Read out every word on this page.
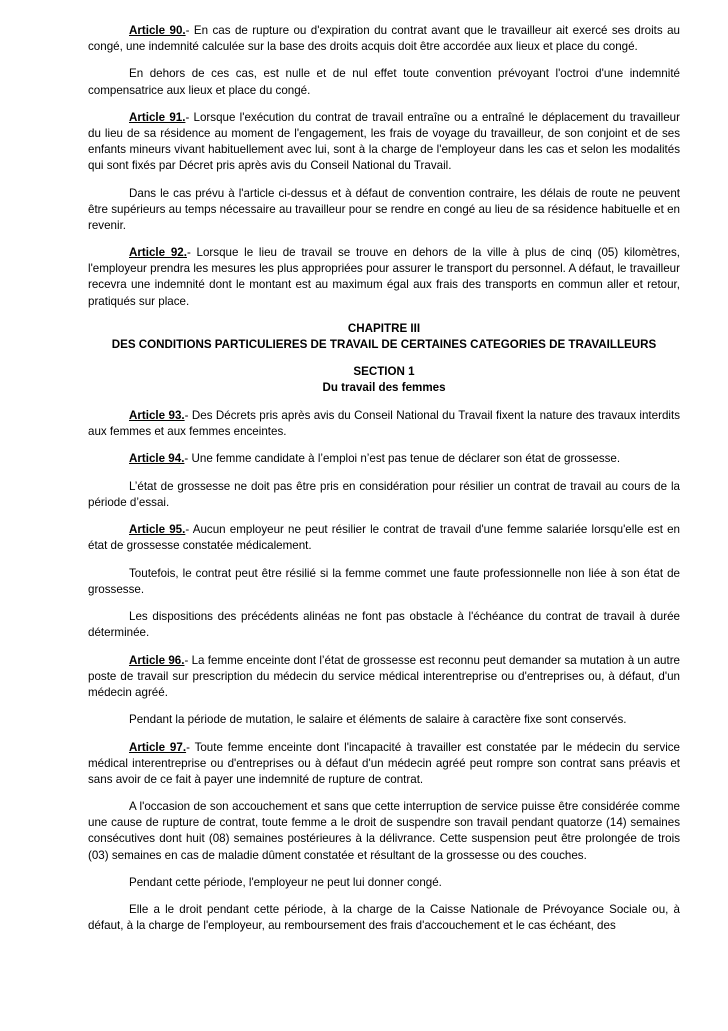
Article 90.- En cas de rupture ou d'expiration du contrat avant que le travailleur ait exercé ses droits au congé, une indemnité calculée sur la base des droits acquis doit être accordée aux lieux et place du congé.

En dehors de ces cas, est nulle et de nul effet toute convention prévoyant l'octroi d'une indemnité compensatrice aux lieux et place du congé.

Article 91.- Lorsque l'exécution du contrat de travail entraîne ou a entraîné le déplacement du travailleur du lieu de sa résidence au moment de l'engagement, les frais de voyage du travailleur, de son conjoint et de ses enfants mineurs vivant habituellement avec lui, sont à la charge de l'employeur dans les cas et selon les modalités qui sont fixés par Décret pris après avis du Conseil National du Travail.

Dans le cas prévu à l'article ci-dessus et à défaut de convention contraire, les délais de route ne peuvent être supérieurs au temps nécessaire au travailleur pour se rendre en congé au lieu de sa résidence habituelle et en revenir.

Article 92.- Lorsque le lieu de travail se trouve en dehors de la ville à plus de cinq (05) kilomètres, l'employeur prendra les mesures les plus appropriées pour assurer le transport du personnel. A défaut, le travailleur recevra une indemnité dont le montant est au maximum égal aux frais des transports en commun aller et retour, pratiqués sur place.

CHAPITRE III

DES CONDITIONS PARTICULIERES DE TRAVAIL DE CERTAINES CATEGORIES DE TRAVAILLEURS

SECTION 1

Du travail des femmes

Article 93.- Des Décrets pris après avis du Conseil National du Travail fixent la nature des travaux interdits aux femmes et aux femmes enceintes.

Article 94.- Une femme candidate à l’emploi n’est pas tenue de déclarer son état de grossesse.

L’état de grossesse ne doit pas être pris en considération pour résilier un contrat de travail au cours de la période d’essai.

Article 95.- Aucun employeur ne peut résilier le contrat de travail d'une femme salariée lorsqu'elle est en état de grossesse constatée médicalement.

Toutefois, le contrat peut être résilié si la femme commet une faute professionnelle non liée à son état de grossesse.

Les dispositions des précédents alinéas ne font pas obstacle à l'échéance du contrat de travail à durée déterminée.

Article 96.- La femme enceinte dont l’état de grossesse est reconnu peut demander sa mutation à un autre poste de travail sur prescription du médecin du service médical interentreprise ou d'entreprises ou, à défaut, d'un médecin agréé.

Pendant la période de mutation, le salaire et éléments de salaire à caractère fixe sont conservés.

Article 97.- Toute femme enceinte dont l'incapacité à travailler est constatée par le médecin du service médical interentreprise ou d'entreprises ou à défaut d'un médecin agréé peut rompre son contrat sans préavis et sans avoir de ce fait à payer une indemnité de rupture de contrat.

A l'occasion de son accouchement et sans que cette interruption de service puisse être considérée comme une cause de rupture de contrat, toute femme a le droit de suspendre son travail pendant quatorze (14) semaines consécutives dont huit (08) semaines postérieures à la délivrance. Cette suspension peut être prolongée de trois (03) semaines en cas de maladie dûment constatée et résultant de la grossesse ou des couches.

Pendant cette période, l'employeur ne peut lui donner congé.

Elle a le droit pendant cette période, à la charge de la Caisse Nationale de Prévoyance Sociale ou, à défaut, à la charge de l'employeur, au remboursement des frais d'accouchement et le cas échéant, des
